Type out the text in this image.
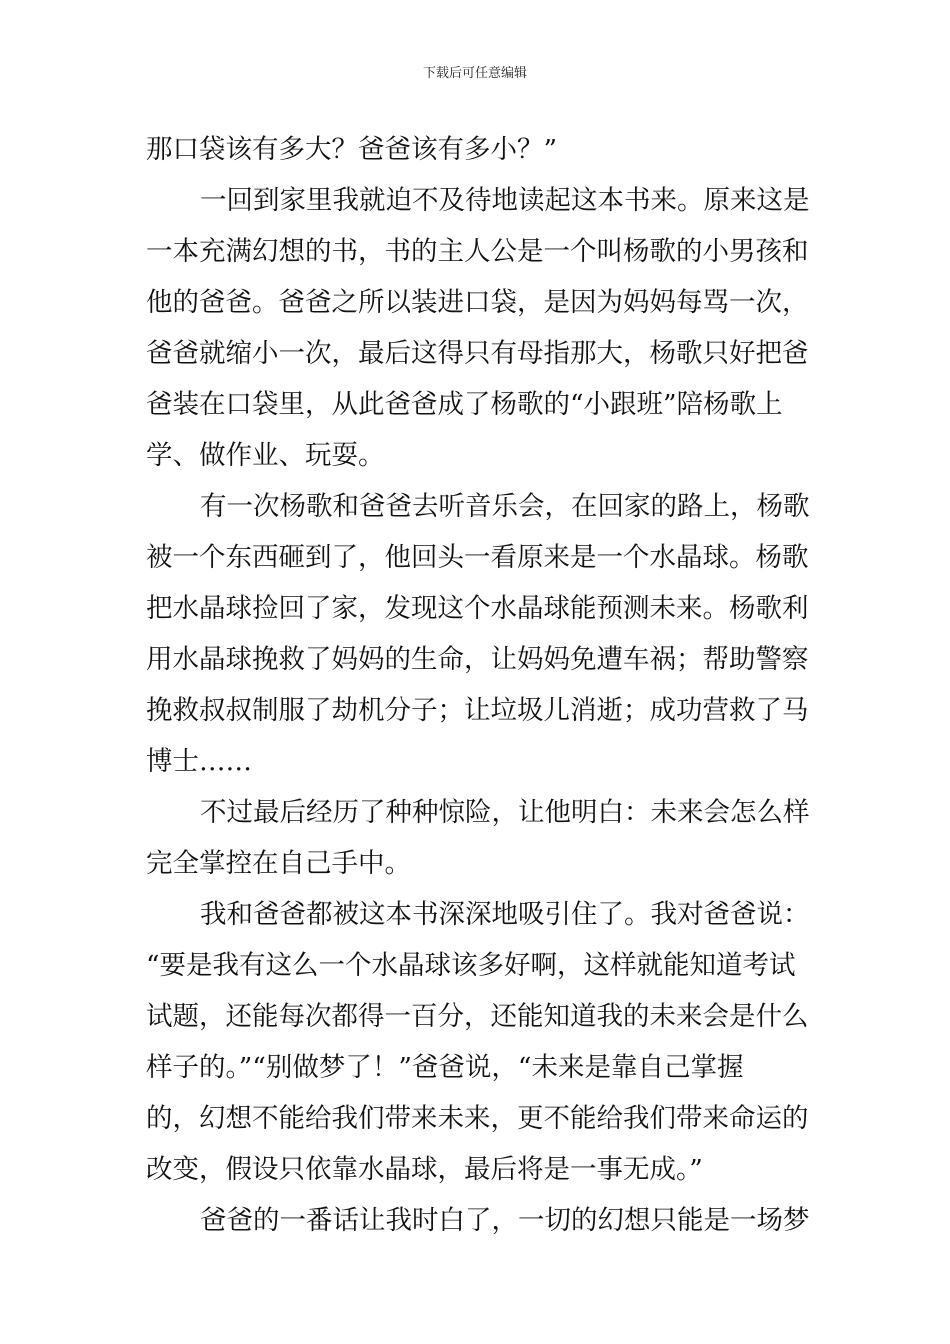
下载后可任意编辑
那口袋该有多大？爸爸该有多小？”
一回到家里我就迫不及待地读起这本书来。原来这是
一本充满幻想的书，书的主人公是一个叫杨歌的小男孩和
他的爸爸。爸爸之所以装进口袋，是因为妈妈每骂一次，
爸爸就缩小一次，最后这得只有母指那大，杨歌只好把爸
爸装在口袋里，从此爸爸成了杨歌的“小跟班”陪杨歌上
学、做作业、玩耍。
有一次杨歌和爸爸去听音乐会，在回家的路上，杨歌
被一个东西砸到了，他回头一看原来是一个水晶球。杨歌
把水晶球捡回了家，发现这个水晶球能预测未来。杨歌利
用水晶球挽救了妈妈的生命，让妈妈免遭车祸；帮助警察
挽救叔叔制服了劫机分子；让垃圾儿消逝；成功营救了马
博士……
不过最后经历了种种惊险，让他明白：未来会怎么样
完全掌控在自己手中。
我和爸爸都被这本书深深地吸引住了。我对爸爸说：
“要是我有这么一个水晶球该多好啊，这样就能知道考试
试题，还能每次都得一百分，还能知道我的未来会是什么
样子的。”“别做梦了！”爸爸说，“未来是靠自己掌握
的，幻想不能给我们带来未来，更不能给我们带来命运的
改变，假设只依靠水晶球，最后将是一事无成。”
爸爸的一番话让我时白了，一切的幻想只能是一场梦
